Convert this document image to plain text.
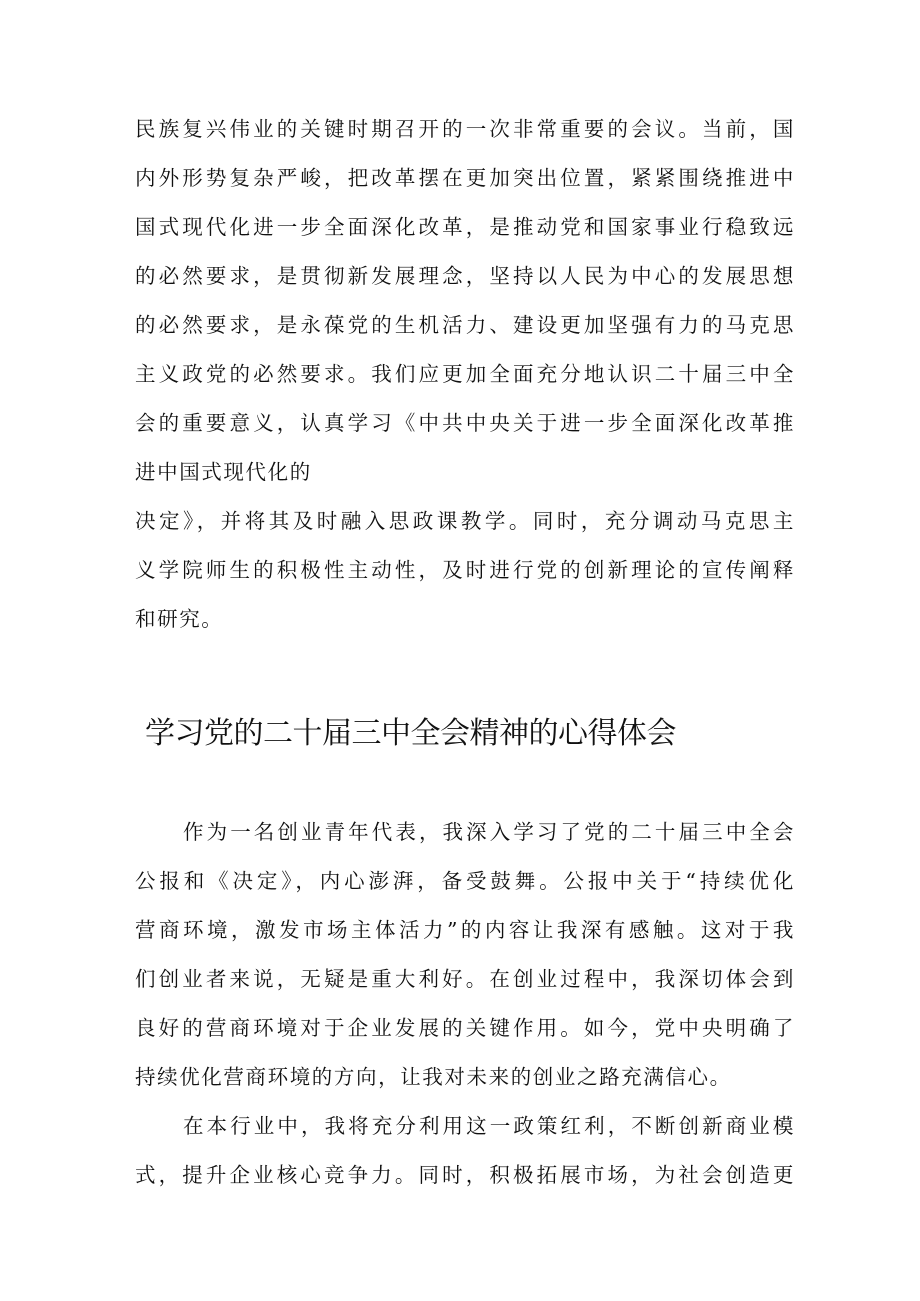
民族复兴伟业的关键时期召开的一次非常重要的会议。当前，国
内外形势复杂严峻，把改革摆在更加突出位置，紧紧围绕推进中
国式现代化进一步全面深化改革，是推动党和国家事业行稳致远
的必然要求，是贯彻新发展理念，坚持以人民为中心的发展思想
的必然要求，是永葆党的生机活力、建设更加坚强有力的马克思
主义政党的必然要求。我们应更加全面充分地认识二十届三中全
会的重要意义，认真学习《中共中央关于进一步全面深化改革推
进中国式现代化的
决定》，并将其及时融入思政课教学。同时，充分调动马克思主
义学院师生的积极性主动性，及时进行党的创新理论的宣传阐释
和研究。
学习党的二十届三中全会精神的心得体会
作为一名创业青年代表，我深入学习了党的二十届三中全会
公报和《决定》，内心澎湃，备受鼓舞。公报中关于“持续优化
营商环境，激发市场主体活力”的内容让我深有感触。这对于我
们创业者来说，无疑是重大利好。在创业过程中，我深切体会到
良好的营商环境对于企业发展的关键作用。如今，党中央明确了
持续优化营商环境的方向，让我对未来的创业之路充满信心。
在本行业中，我将充分利用这一政策红利，不断创新商业模
式，提升企业核心竞争力。同时，积极拓展市场，为社会创造更
